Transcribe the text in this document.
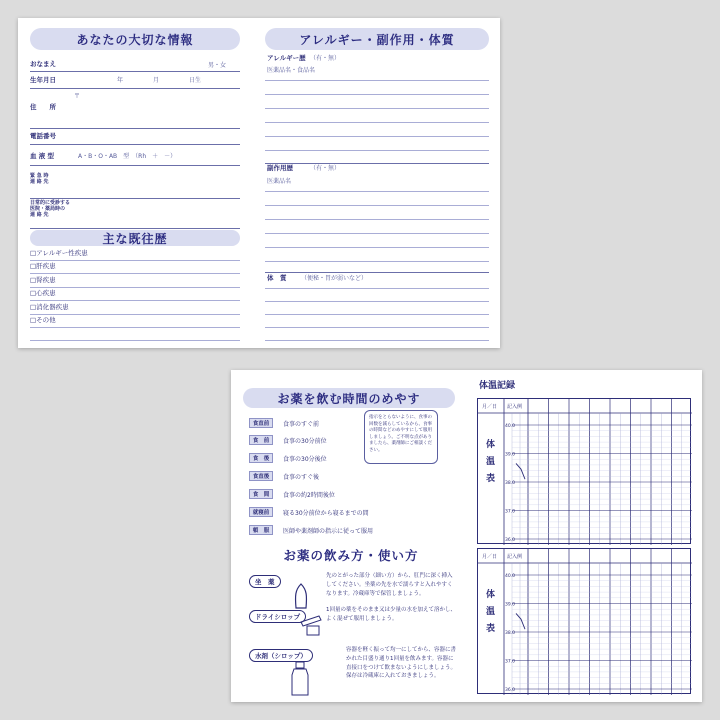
あなたの大切な情報	アレルギー・副作用・体質
おなまえ	男・女
生年月日	年	月	日生
〒
住　　所
電話番号
血 液 型	A・B・O・AB　型　（Rh　＋　－）
緊 急 時
連 絡 先
日常的に受診する
医院・薬局時の
連 絡 先
主な既往歴
□アレルギー性疾患
□肝疾患
□腎疾患
□心疾患
□消化器疾患
□その他
アレルギー歴 （有・無）
医薬品名・食品名
副作用歴	（有・無）
医薬品名
体　質 （便秘・胃が弱いなど）
お薬を飲む時間のめやす
食直前	食事のすぐ前
食　前	食事の30分前位
食　後	食事の30分後位
食直後	食事のすぐ後
食　間	食事の約2時間後位
就寝前	寝る30分前位から寝るまでの間
頓　服	医師や薬剤師の指示に従って服用
指示をとらないように、食事の回数を減らしているから、食事の時間などのめやすにして服用しましょう。ご不明な点がありましたら、薬剤師にご相談ください。
お薬の飲み方・使い方
坐　薬
先のとがった部分（細い方）から、肛門に深く挿入してください。坐薬の先を水で濡らすと入れやすくなります。冷蔵庫等で保管しましょう。
ドライシロップ
1回量の薬をそのまま又は少量の水を加えて溶かし、よく混ぜて服用しましょう。
水剤（シロップ）
容器を軽く振って均一にしてから、容器に書かれた目盛り通り1回量を飲みます。容器に直接口をつけて飲まないようにしましょう。保存は冷蔵庫に入れておきましょう。
体温記録
40.0
39.0
38.0
37.0
36.0
月／日 記入例
体温表
40.0
39.0
38.0
37.0
36.0
月／日 記入例
体温表
